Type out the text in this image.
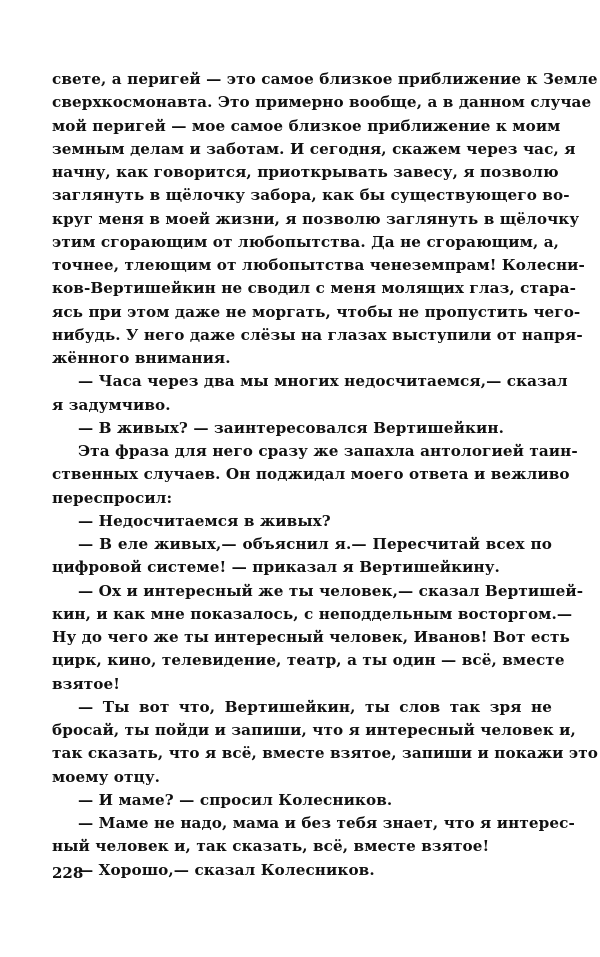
свете, а перигей — это самое близкое приближение к Земле
сверхкосмонавта. Это примерно вообще, а в данном случае
мой перигей — мое самое близкое приближение к моим
земным делам и заботам. И сегодня, скажем через час, я
начну, как говорится, приоткрывать завесу, я позволю
заглянуть в щёлочку забора, как бы существующего во-
круг меня в моей жизни, я позволю заглянуть в щёлочку
этим сгорающим от любопытства. Да не сгорающим, а,
точнее, тлеющим от любопытства ченеземпрам! Колесни-
ков-Вертишейкин не сводил с меня молящих глаз, стара-
ясь при этом даже не моргать, чтобы не пропустить чего-
нибудь. У него даже слёзы на глазах выступили от напря-
жённого внимания.
— Часа через два мы многих недосчитаемся,— сказал
я задумчиво.
— В живых? — заинтересовался Вертишейкин.
Эта фраза для него сразу же запахла антологией таин-
ственных случаев. Он поджидал моего ответа и вежливо
переспросил:
— Недосчитаемся в живых?
— В еле живых,— объяснил я.— Пересчитай всех по
цифровой системе! — приказал я Вертишейкину.
— Ох и интересный же ты человек,— сказал Вертишей-
кин, и как мне показалось, с неподдельным восторгом.—
Ну до чего же ты интересный человек, Иванов! Вот есть
цирк, кино, телевидение, театр, а ты один — всё, вместе
взятое!
— Ты вот что, Вертишейкин, ты слов так зря не
бросай, ты пойди и запиши, что я интересный человек и,
так сказать, что я всё, вместе взятое, запиши и покажи это
моему отцу.
— И маме? — спросил Колесников.
— Маме не надо, мама и без тебя знает, что я интерес-
ный человек и, так сказать, всё, вместе взятое!
— Хорошо,— сказал Колесников.
228
